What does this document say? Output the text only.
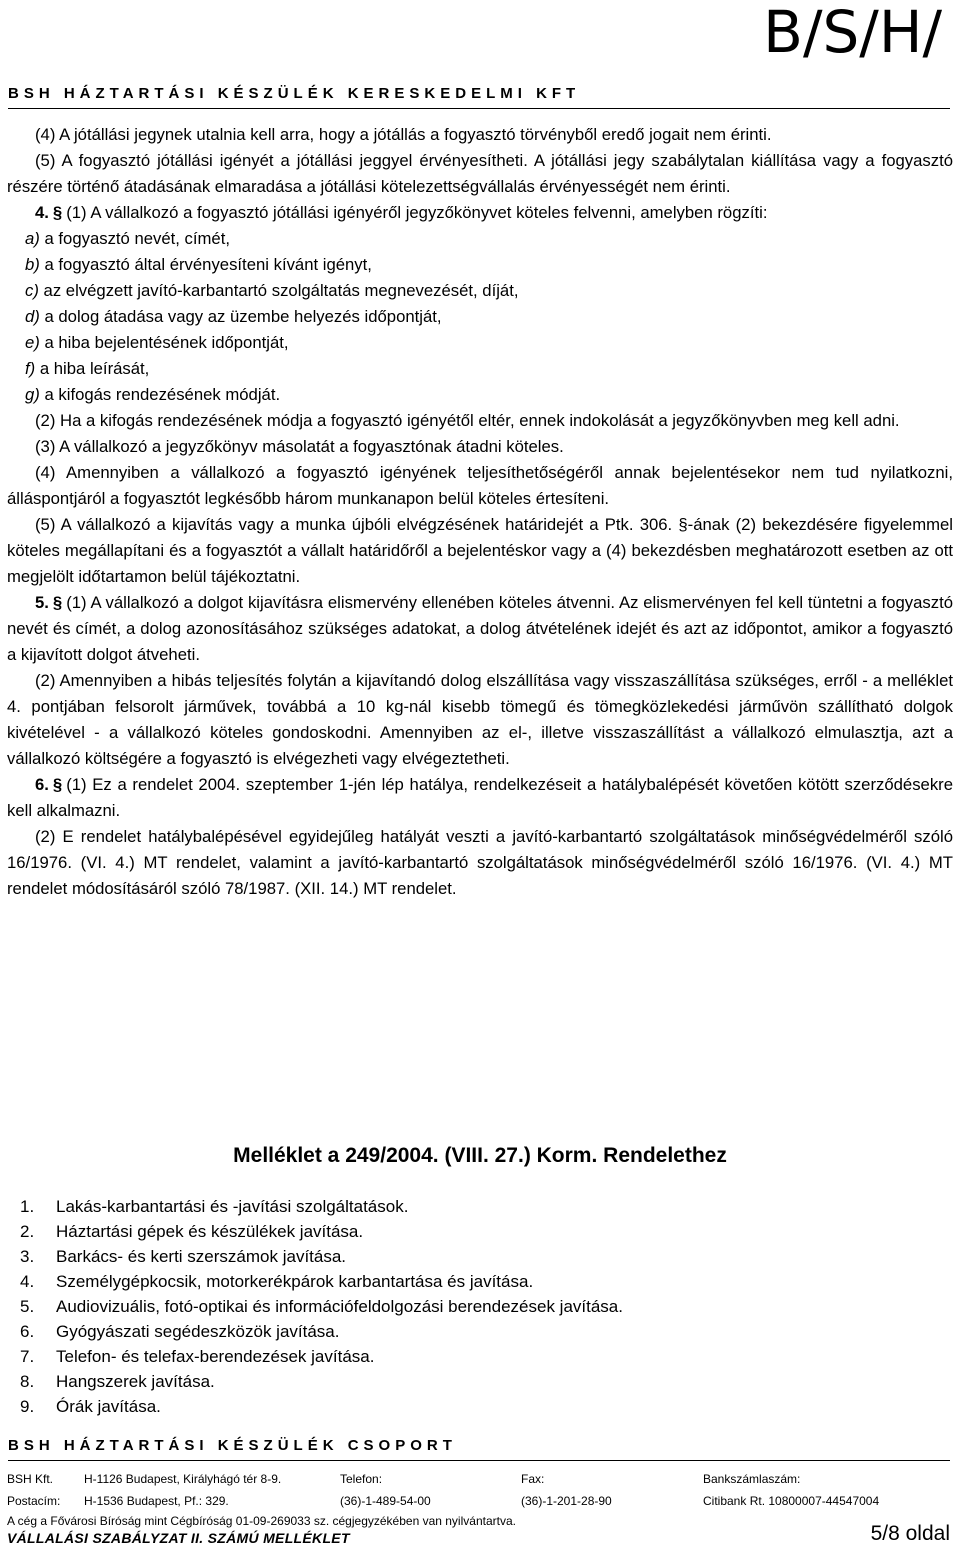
B/S/H/
BSH HÁZTARTÁSI KÉSZÜLÉK KERESKEDELMI KFT

(4) A jótállási jegynek utalnia kell arra, hogy a jótállás a fogyasztó törvényből eredő jogait nem érinti.

(5) A fogyasztó jótállási igényét a jótállási jeggyel érvényesítheti. A jótállási jegy szabálytalan kiállítása vagy a fogyasztó részére történő átadásának elmaradása a jótállási kötelezettségvállalás érvényességét nem érinti.

4. § (1) A vállalkozó a fogyasztó jótállási igényéről jegyzőkönyvet köteles felvenni, amelyben rögzíti:

a) a fogyasztó nevét, címét,
b) a fogyasztó által érvényesíteni kívánt igényt,
c) az elvégzett javító-karbantartó szolgáltatás megnevezését, díját,
d) a dolog átadása vagy az üzembe helyezés időpontját,
e) a hiba bejelentésének időpontját,
f) a hiba leírását,
g) a kifogás rendezésének módját.

(2) Ha a kifogás rendezésének módja a fogyasztó igényétől eltér, ennek indokolását a jegyzőkönyvben meg kell adni.

(3) A vállalkozó a jegyzőkönyv másolatát a fogyasztónak átadni köteles.

(4) Amennyiben a vállalkozó a fogyasztó igényének teljesíthetőségéről annak bejelentésekor nem tud nyilatkozni, álláspontjáról a fogyasztót legkésőbb három munkanapon belül köteles értesíteni.

(5) A vállalkozó a kijavítás vagy a munka újbóli elvégzésének határidejét a Ptk. 306. §-ának (2) bekezdésére figyelemmel köteles megállapítani és a fogyasztót a vállalt határidőről a bejelentéskor vagy a (4) bekezdésben meghatározott esetben az ott megjelölt időtartamon belül tájékoztatni.

5. § (1) A vállalkozó a dolgot kijavításra elismervény ellenében köteles átvenni. Az elismervényen fel kell tüntetni a fogyasztó nevét és címét, a dolog azonosításához szükséges adatokat, a dolog átvételének idejét és azt az időpontot, amikor a fogyasztó a kijavított dolgot átveheti.

(2) Amennyiben a hibás teljesítés folytán a kijavítandó dolog elszállítása vagy visszaszállítása szükséges, erről - a melléklet 4. pontjában felsorolt járművek, továbbá a 10 kg-nál kisebb tömegű és tömegközlekedési járművön szállítható dolgok kivételével - a vállalkozó köteles gondoskodni. Amennyiben az el-, illetve visszaszállítást a vállalkozó elmulasztja, azt a vállalkozó költségére a fogyasztó is elvégezheti vagy elvégeztetheti.

6. § (1) Ez a rendelet 2004. szeptember 1-jén lép hatálya, rendelkezéseit a hatálybalépését követően kötött szerződésekre kell alkalmazni.

(2) E rendelet hatálybalépésével egyidejűleg hatályát veszti a javító-karbantartó szolgáltatások minőségvédelméről szóló 16/1976. (VI. 4.) MT rendelet, valamint a javító-karbantartó szolgáltatások minőségvédelméről szóló 16/1976. (VI. 4.) MT rendelet módosításáról szóló 78/1987. (XII. 14.) MT rendelet.

Melléklet a 249/2004. (VIII. 27.) Korm. Rendelethez
1.	Lakás-karbantartási és -javítási szolgáltatások.
2.	Háztartási gépek és készülékek javítása.
3.	Barkács- és kerti szerszámok javítása.
4.	Személygépkocsik, motorkerékpárok karbantartása és javítása.
5.	Audiovizuális, fotó-optikai és információfeldolgozási berendezések javítása.
6.	Gyógyászati segédeszközök javítása.
7.	Telefon- és telefax-berendezések javítása.
8.	Hangszerek javítása.
9.	Órák javítása.
BSH HÁZTARTÁSI KÉSZÜLÉK CSOPORT
BSH Kft.	H-1126 Budapest, Királyhágó tér 8-9.	Telefon:	Fax:	Bankszámlaszám:
Postacím: H-1536 Budapest, Pf.: 329.	(36)-1-489-54-00	(36)-1-201-28-90	Citibank Rt. 10800007-44547004
A cég a Fővárosi Bíróság mint Cégbíróság 01-09-269033 sz. cégjegyzékében van nyilvántartva.
VÁLLALÁSI SZABÁLYZAT II. SZÁMÚ MELLÉKLET	5/8 oldal
